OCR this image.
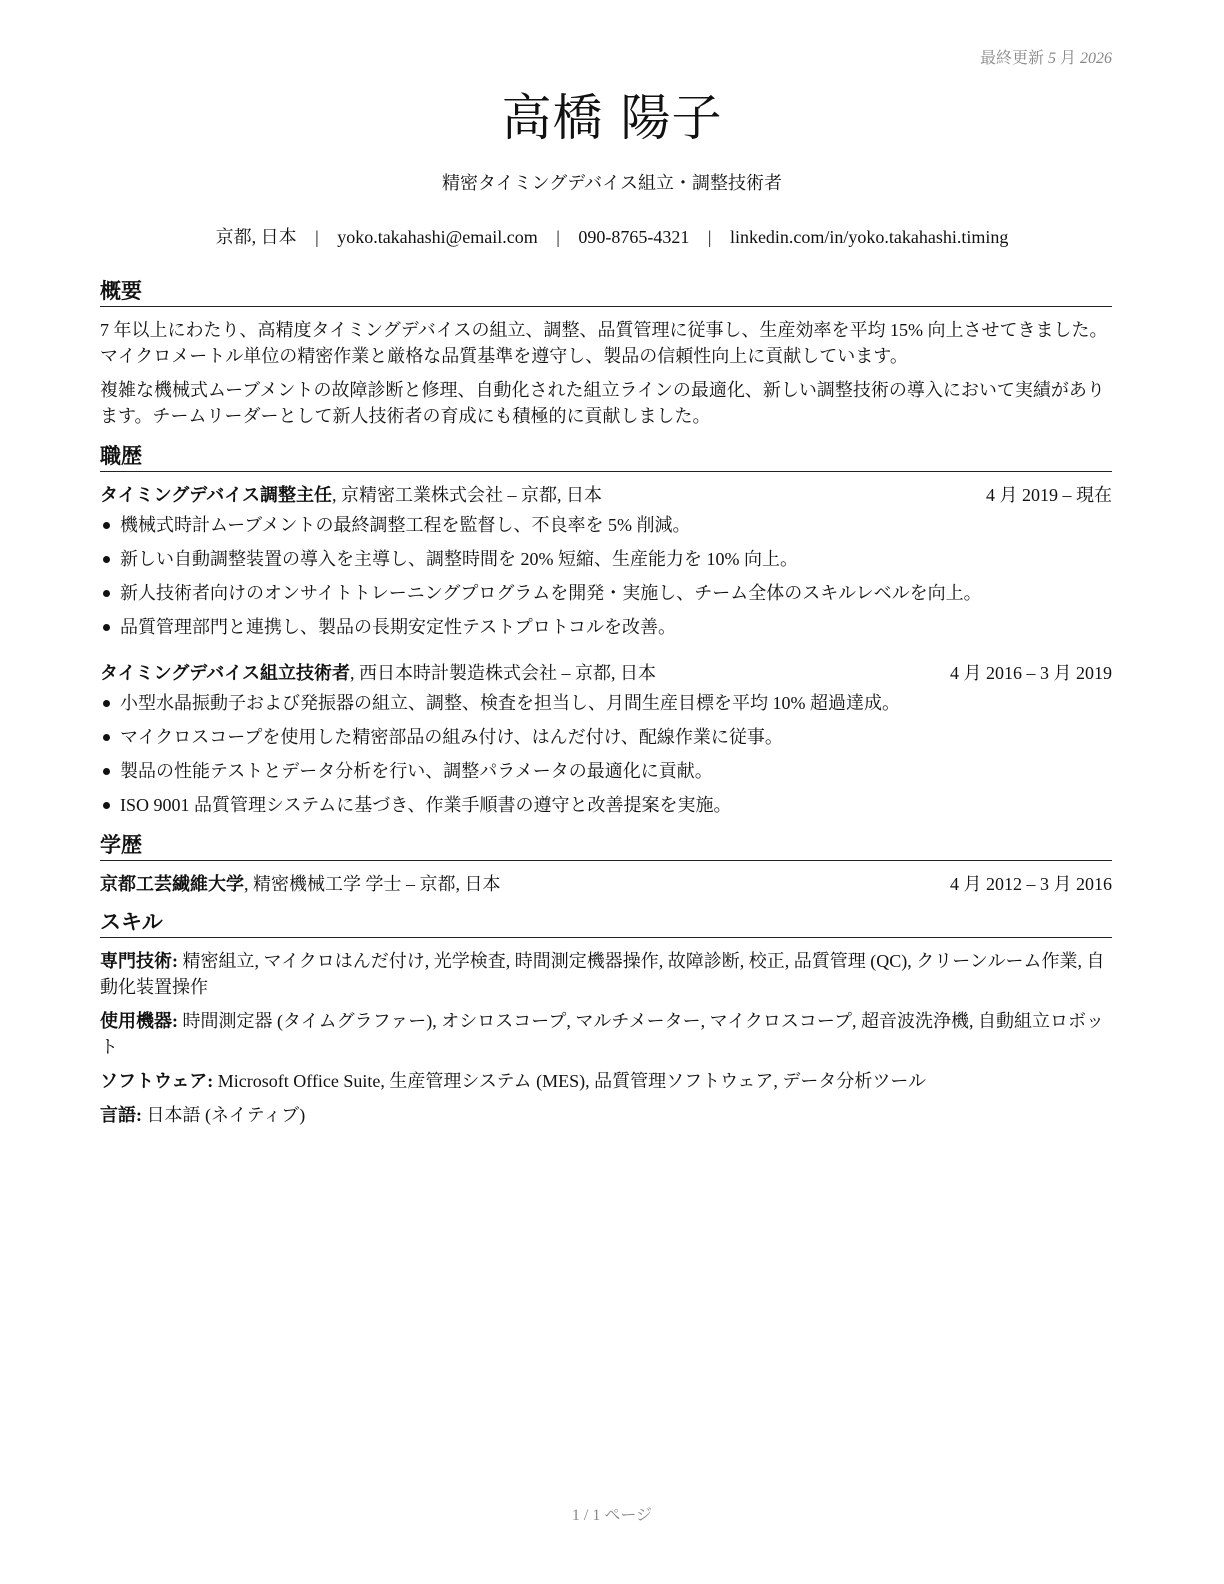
最終更新 5 月 2026
高橋 陽子
精密タイミングデバイス組立・調整技術者
京都, 日本 | yoko.takahashi@email.com | 090-8765-4321 | linkedin.com/in/yoko.takahashi.timing
概要

7 年以上にわたり、高精度タイミングデバイスの組立、調整、品質管理に従事し、生産効率を平均 15% 向上させてきました。マイクロメートル単位の精密作業と厳格な品質基準を遵守し、製品の信頼性向上に貢献しています。

複雑な機械式ムーブメントの故障診断と修理、自動化された組立ラインの最適化、新しい調整技術の導入において実績があります。チームリーダーとして新人技術者の育成にも積極的に貢献しました。

職歴
タイミングデバイス調整主任, 京精密工業株式会社 – 京都, 日本	4 月 2019 – 現在
機械式時計ムーブメントの最終調整工程を監督し、不良率を 5% 削減。
新しい自動調整装置の導入を主導し、調整時間を 20% 短縮、生産能力を 10% 向上。
新人技術者向けのオンサイトトレーニングプログラムを開発・実施し、チーム全体のスキルレベルを向上。
品質管理部門と連携し、製品の長期安定性テストプロトコルを改善。
タイミングデバイス組立技術者, 西日本時計製造株式会社 – 京都, 日本	4 月 2016 – 3 月 2019
小型水晶振動子および発振器の組立、調整、検査を担当し、月間生産目標を平均 10% 超過達成。
マイクロスコープを使用した精密部品の組み付け、はんだ付け、配線作業に従事。
製品の性能テストとデータ分析を行い、調整パラメータの最適化に貢献。
ISO 9001 品質管理システムに基づき、作業手順書の遵守と改善提案を実施。
学歴
京都工芸繊維大学, 精密機械工学 学士 – 京都, 日本	4 月 2012 – 3 月 2016
スキル

専門技術: 精密組立, マイクロはんだ付け, 光学検査, 時間測定機器操作, 故障診断, 校正, 品質管理 (QC), クリーンルーム作業, 自動化装置操作

使用機器: 時間測定器 (タイムグラファー), オシロスコープ, マルチメーター, マイクロスコープ, 超音波洗浄機, 自動組立ロボット

ソフトウェア: Microsoft Office Suite, 生産管理システム (MES), 品質管理ソフトウェア, データ分析ツール

言語: 日本語 (ネイティブ)

1 / 1 ページ
